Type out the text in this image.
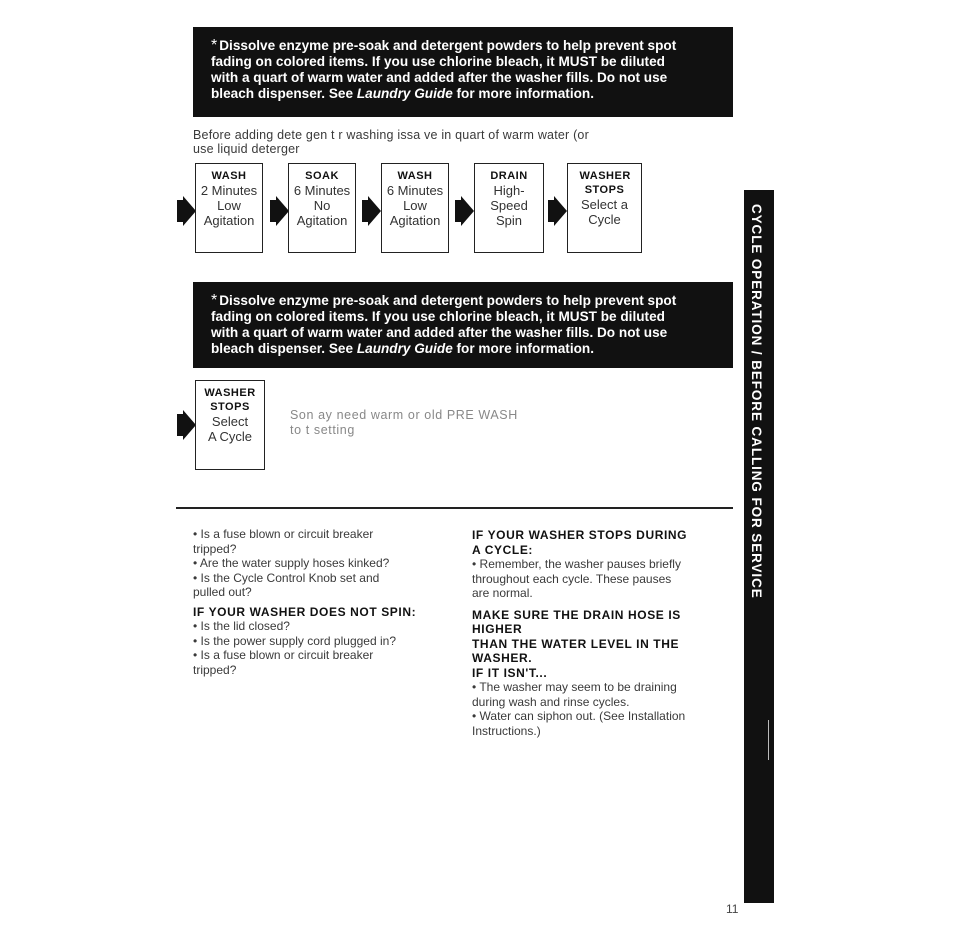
* Dissolve enzyme pre-soak and detergent powders to help prevent spot
fading on colored items. If you use chlorine bleach, it MUST be diluted
with a quart of warm water and added after the washer fills. Do not use
bleach dispenser. See Laundry Guide for more information.
Before adding dete gen t r washing issa ve in quart of warm water (or
use liquid deterger
WASH
2 Minutes
Low
Agitation
SOAK
6 Minutes
No
Agitation
WASH
6 Minutes
Low
Agitation
DRAIN
High-
Speed
Spin
WASHER STOPS
Select a
Cycle
* Dissolve enzyme pre-soak and detergent powders to help prevent spot
fading on colored items. If you use chlorine bleach, it MUST be diluted
with a quart of warm water and added after the washer fills. Do not use
bleach dispenser. See Laundry Guide for more information.
WASHER
STOPS
Select
A Cycle
Son ay need warm or old PRE WASH
to t setting
• Is a fuse blown or circuit breaker
tripped?
• Are the water supply hoses kinked?
• Is the Cycle Control Knob set and
pulled out?
IF YOUR WASHER DOES NOT SPIN:
• Is the lid closed?
• Is the power supply cord plugged in?
• Is a fuse blown or circuit breaker
tripped?
IF YOUR WASHER STOPS DURING
A CYCLE:
• Remember, the washer pauses briefly
throughout each cycle. These pauses
are normal.
MAKE SURE THE DRAIN HOSE IS HIGHER
THAN THE WATER LEVEL IN THE WASHER.
IF IT ISN'T...
• The washer may seem to be draining
during wash and rinse cycles.
• Water can siphon out. (See Installation
Instructions.)
CYCLE OPERATION / BEFORE CALLING FOR SERVICE
11
